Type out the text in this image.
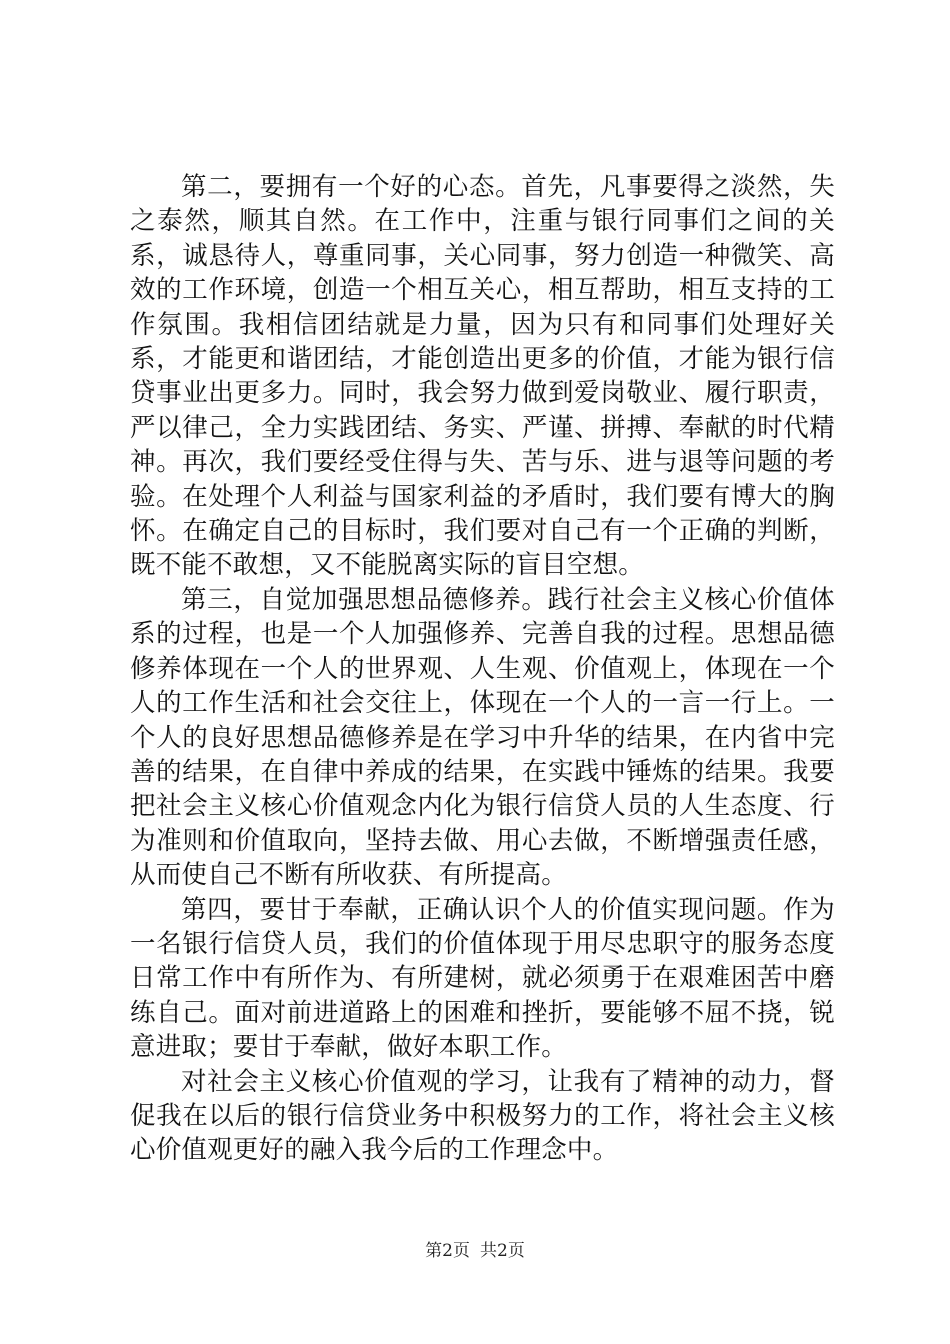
第二，要拥有一个好的心态。首先，凡事要得之淡然，失之泰然，顺其自然。在工作中，注重与银行同事们之间的关系，诚恳待人，尊重同事，关心同事，努力创造一种微笑、高效的工作环境，创造一个相互关心，相互帮助，相互支持的工作氛围。我相信团结就是力量，因为只有和同事们处理好关系，才能更和谐团结，才能创造出更多的价值，才能为银行信贷事业出更多力。同时，我会努力做到爱岗敬业、履行职责，严以律己，全力实践团结、务实、严谨、拼搏、奉献的时代精神。再次，我们要经受住得与失、苦与乐、进与退等问题的考验。在处理个人利益与国家利益的矛盾时，我们要有博大的胸怀。在确定自己的目标时，我们要对自己有一个正确的判断，既不能不敢想，又不能脱离实际的盲目空想。

第三，自觉加强思想品德修养。践行社会主义核心价值体系的过程，也是一个人加强修养、完善自我的过程。思想品德修养体现在一个人的世界观、人生观、价值观上，体现在一个人的工作生活和社会交往上，体现在一个人的一言一行上。一个人的良好思想品德修养是在学习中升华的结果，在内省中完善的结果，在自律中养成的结果，在实践中锤炼的结果。我要把社会主义核心价值观念内化为银行信贷人员的人生态度、行为准则和价值取向，坚持去做、用心去做，不断增强责任感，从而使自己不断有所收获、有所提高。

第四，要甘于奉献，正确认识个人的价值实现问题。作为一名银行信贷人员，我们的价值体现于用尽忠职守的服务态度日常工作中有所作为、有所建树，就必须勇于在艰难困苦中磨练自己。面对前进道路上的困难和挫折，要能够不屈不挠，锐意进取；要甘于奉献，做好本职工作。

对社会主义核心价值观的学习，让我有了精神的动力，督促我在以后的银行信贷业务中积极努力的工作，将社会主义核心价值观更好的融入我今后的工作理念中。

第2页 共2页
